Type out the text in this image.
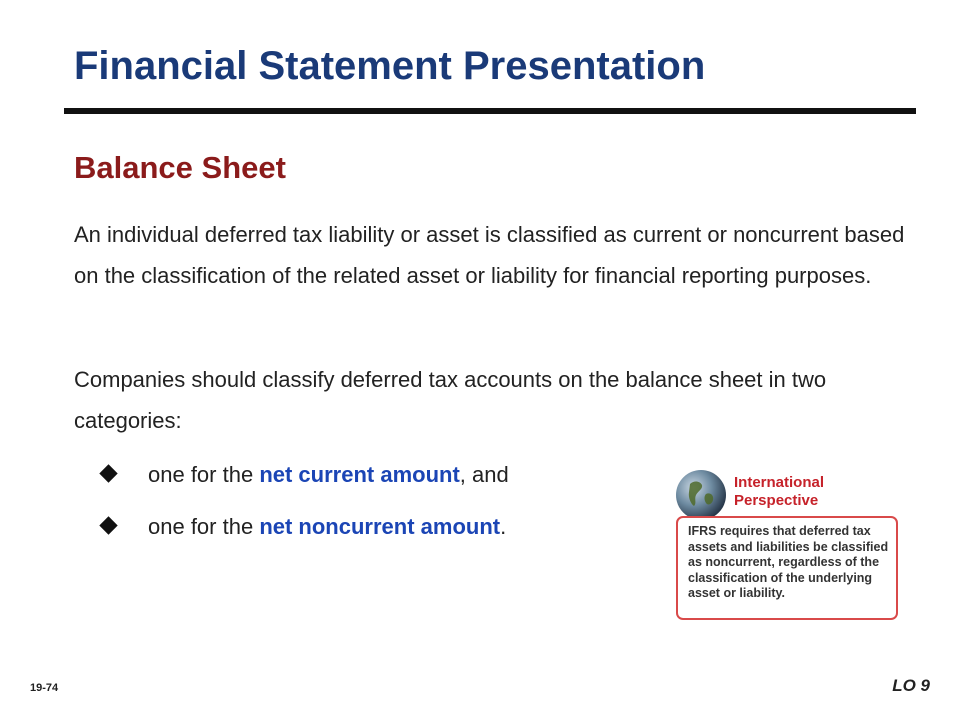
Financial Statement Presentation
Balance Sheet

An individual deferred tax liability or asset is classified as current or noncurrent based on the classification of the related asset or liability for financial reporting purposes.

Companies should classify deferred tax accounts on the balance sheet in two categories:

one for the net current amount, and
one for the net noncurrent amount.
International
Perspective

IFRS requires that deferred tax assets and liabilities be classified as noncurrent, regardless of the classification of the underlying asset or liability.

19-74	LO 9
